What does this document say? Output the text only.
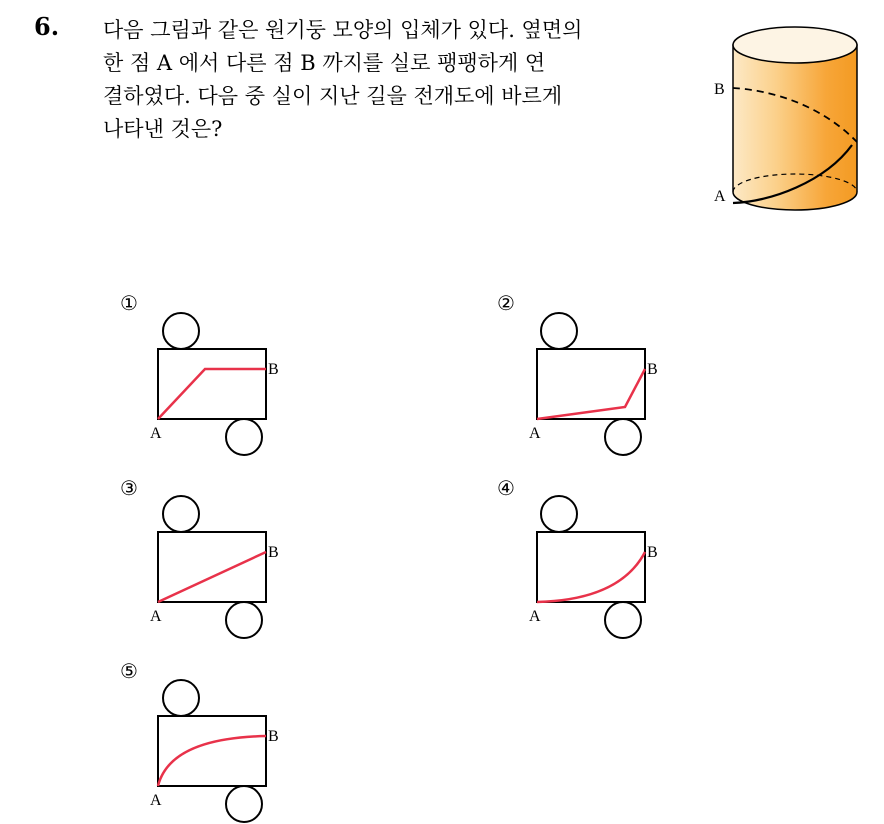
6. 다음 그림과 같은 원기둥 모양의 입체가 있다. 옆면의
한 점 A 에서 다른 점 B 까지를 실로 팽팽하게 연
결하였다. 다음 중 실이 지난 길을 전개도에 바르게
나타낸 것은?
B
A
①
B
A
②
B
A
③
B
A
④
B
A
⑤
B
A
